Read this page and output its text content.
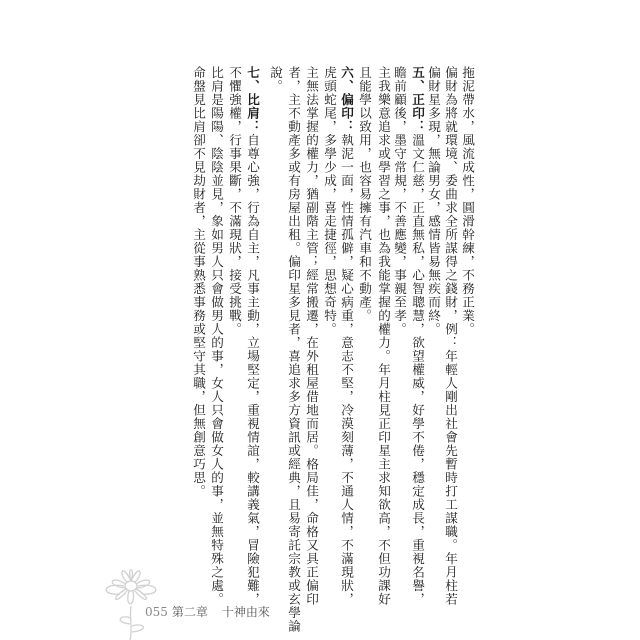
拖泥帶水，風流成性，圓滑幹練，不務正業。
偏財為將就環境、委曲求全所謀得之錢財，例：年輕人剛出社會先暫時打工謀職。年月柱若
偏財星多現，無論男女，感情皆易無疾而終。
五、正印：溫文仁慈，正直無私，心智聰慧，欲望權威，好學不倦，穩定成長，重視名譽，
瞻前顧後，墨守常規，不善應變，事親至孝。
主我樂意追求或學習之事，也為我能掌握的權力。年月柱見正印星主求知欲高，不但功課好
且能學以致用，也容易擁有汽車和不動產。
六、偏印：執泥一面，性情孤僻，疑心病重，意志不堅，冷漠刻薄，不通人情，不滿現狀，
虎頭蛇尾，多學少成，喜走捷徑，思想奇特。
主無法掌握的權力，猶副階主管；經常搬遷，在外租屋借地而居。格局佳，命格又具正偏印
者，主不動產多或有房屋出租。偏印星多見者，喜追求多方資訊或經典，且易寄託宗教或玄學論
說。
七、比肩：自尊心強，行為自主，凡事主動，立場堅定，重視情誼，較講義氣，冒險犯難，
不懼強權，行事果斷，不滿現狀，接受挑戰。
比肩是陽陽、陰陰並見，象如男人只會做男人的事，女人只會做女人的事，並無特殊之處。
命盤見比肩卻不見劫財者，主從事熟悉事務或堅守其職，但無創意巧思。
055 第二章 十神由來
